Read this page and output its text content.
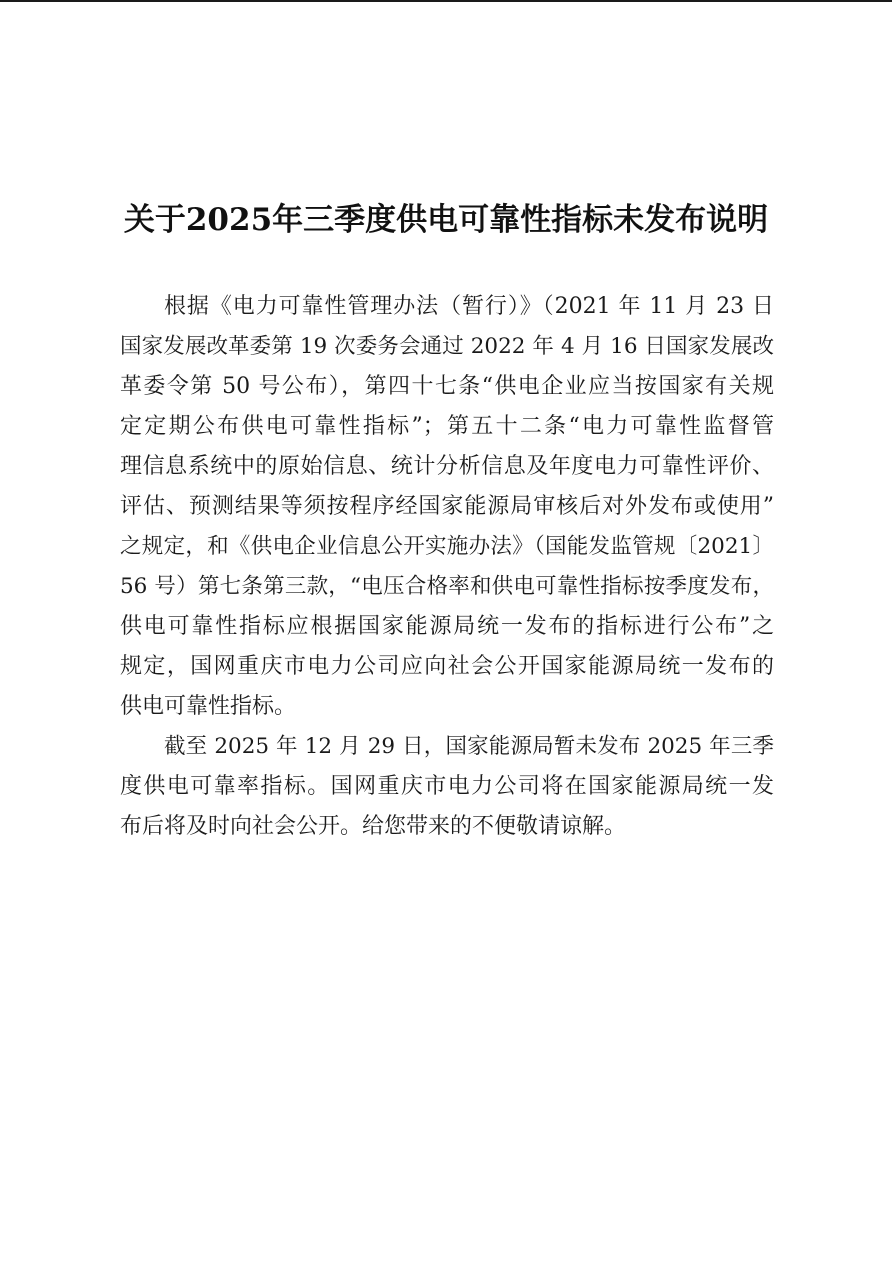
关于2025年三季度供电可靠性指标未发布说明
根据《电力可靠性管理办法（暂行）》（2021 年 11 月 23 日
国家发展改革委第 19 次委务会通过 2022 年 4 月 16 日国家发展改
革委令第 50 号公布），第四十七条“供电企业应当按国家有关规
定定期公布供电可靠性指标”；第五十二条“电力可靠性监督管
理信息系统中的原始信息、统计分析信息及年度电力可靠性评价、
评估、预测结果等须按程序经国家能源局审核后对外发布或使用”
之规定，和《供电企业信息公开实施办法》（国能发监管规〔2021〕
56 号）第七条第三款，“电压合格率和供电可靠性指标按季度发布，
供电可靠性指标应根据国家能源局统一发布的指标进行公布”之
规定，国网重庆市电力公司应向社会公开国家能源局统一发布的
供电可靠性指标。
截至 2025 年 12 月 29 日，国家能源局暂未发布 2025 年三季
度供电可靠率指标。国网重庆市电力公司将在国家能源局统一发
布后将及时向社会公开。给您带来的不便敬请谅解。
